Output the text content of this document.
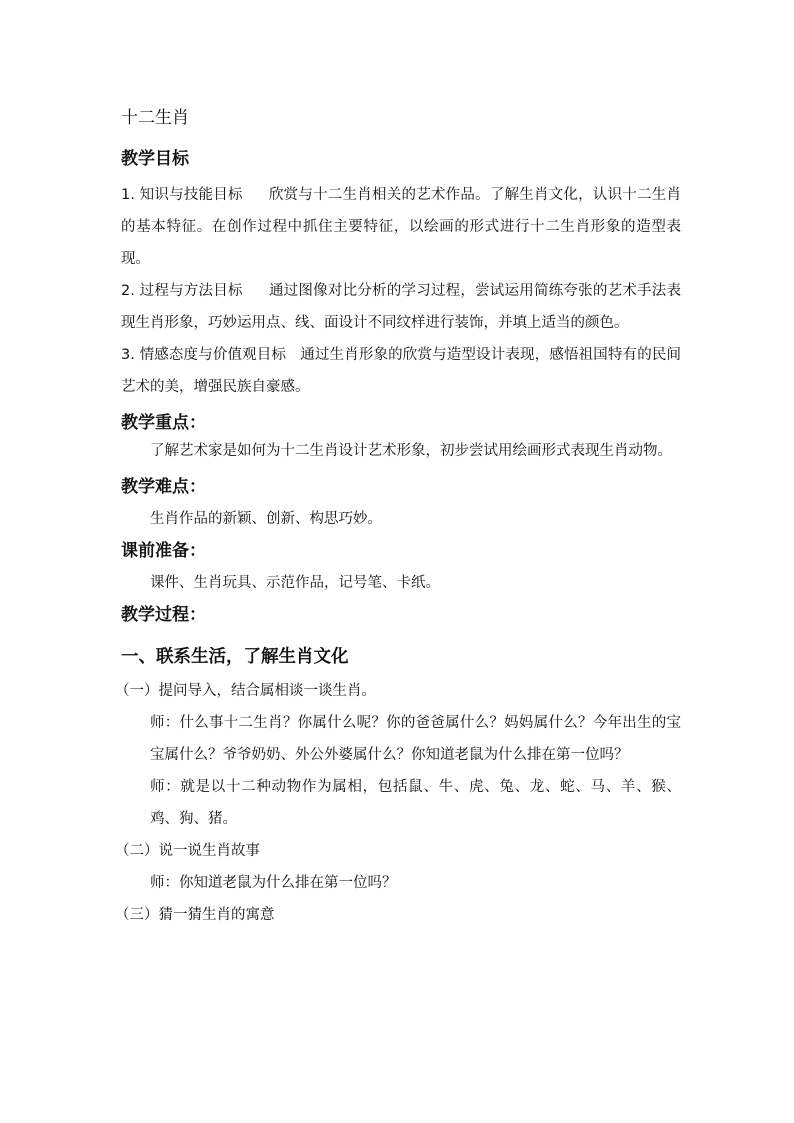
十二生肖

教学目标

1. 知识与技能目标 欣赏与十二生肖相关的艺术作品。了解生肖文化，认识十二生肖的基本特征。在创作过程中抓住主要特征，以绘画的形式进行十二生肖形象的造型表现。

2. 过程与方法目标 通过图像对比分析的学习过程，尝试运用简练夸张的艺术手法表现生肖形象，巧妙运用点、线、面设计不同纹样进行装饰，并填上适当的颜色。

3. 情感态度与价值观目标 通过生肖形象的欣赏与造型设计表现，感悟祖国特有的民间艺术的美，增强民族自豪感。

教学重点：

了解艺术家是如何为十二生肖设计艺术形象，初步尝试用绘画形式表现生肖动物。

教学难点：

生肖作品的新颖、创新、构思巧妙。

课前准备：

课件、生肖玩具、示范作品，记号笔、卡纸。

教学过程：

一、联系生活，了解生肖文化

（一）提问导入，结合属相谈一谈生肖。

师：什么事十二生肖？你属什么呢？你的爸爸属什么？妈妈属什么？今年出生的宝宝属什么？爷爷奶奶、外公外婆属什么？你知道老鼠为什么排在第一位吗？

师：就是以十二种动物作为属相，包括鼠、牛、虎、兔、龙、蛇、马、羊、猴、鸡、狗、猪。

（二）说一说生肖故事

师：你知道老鼠为什么排在第一位吗？

（三）猜一猜生肖的寓意
